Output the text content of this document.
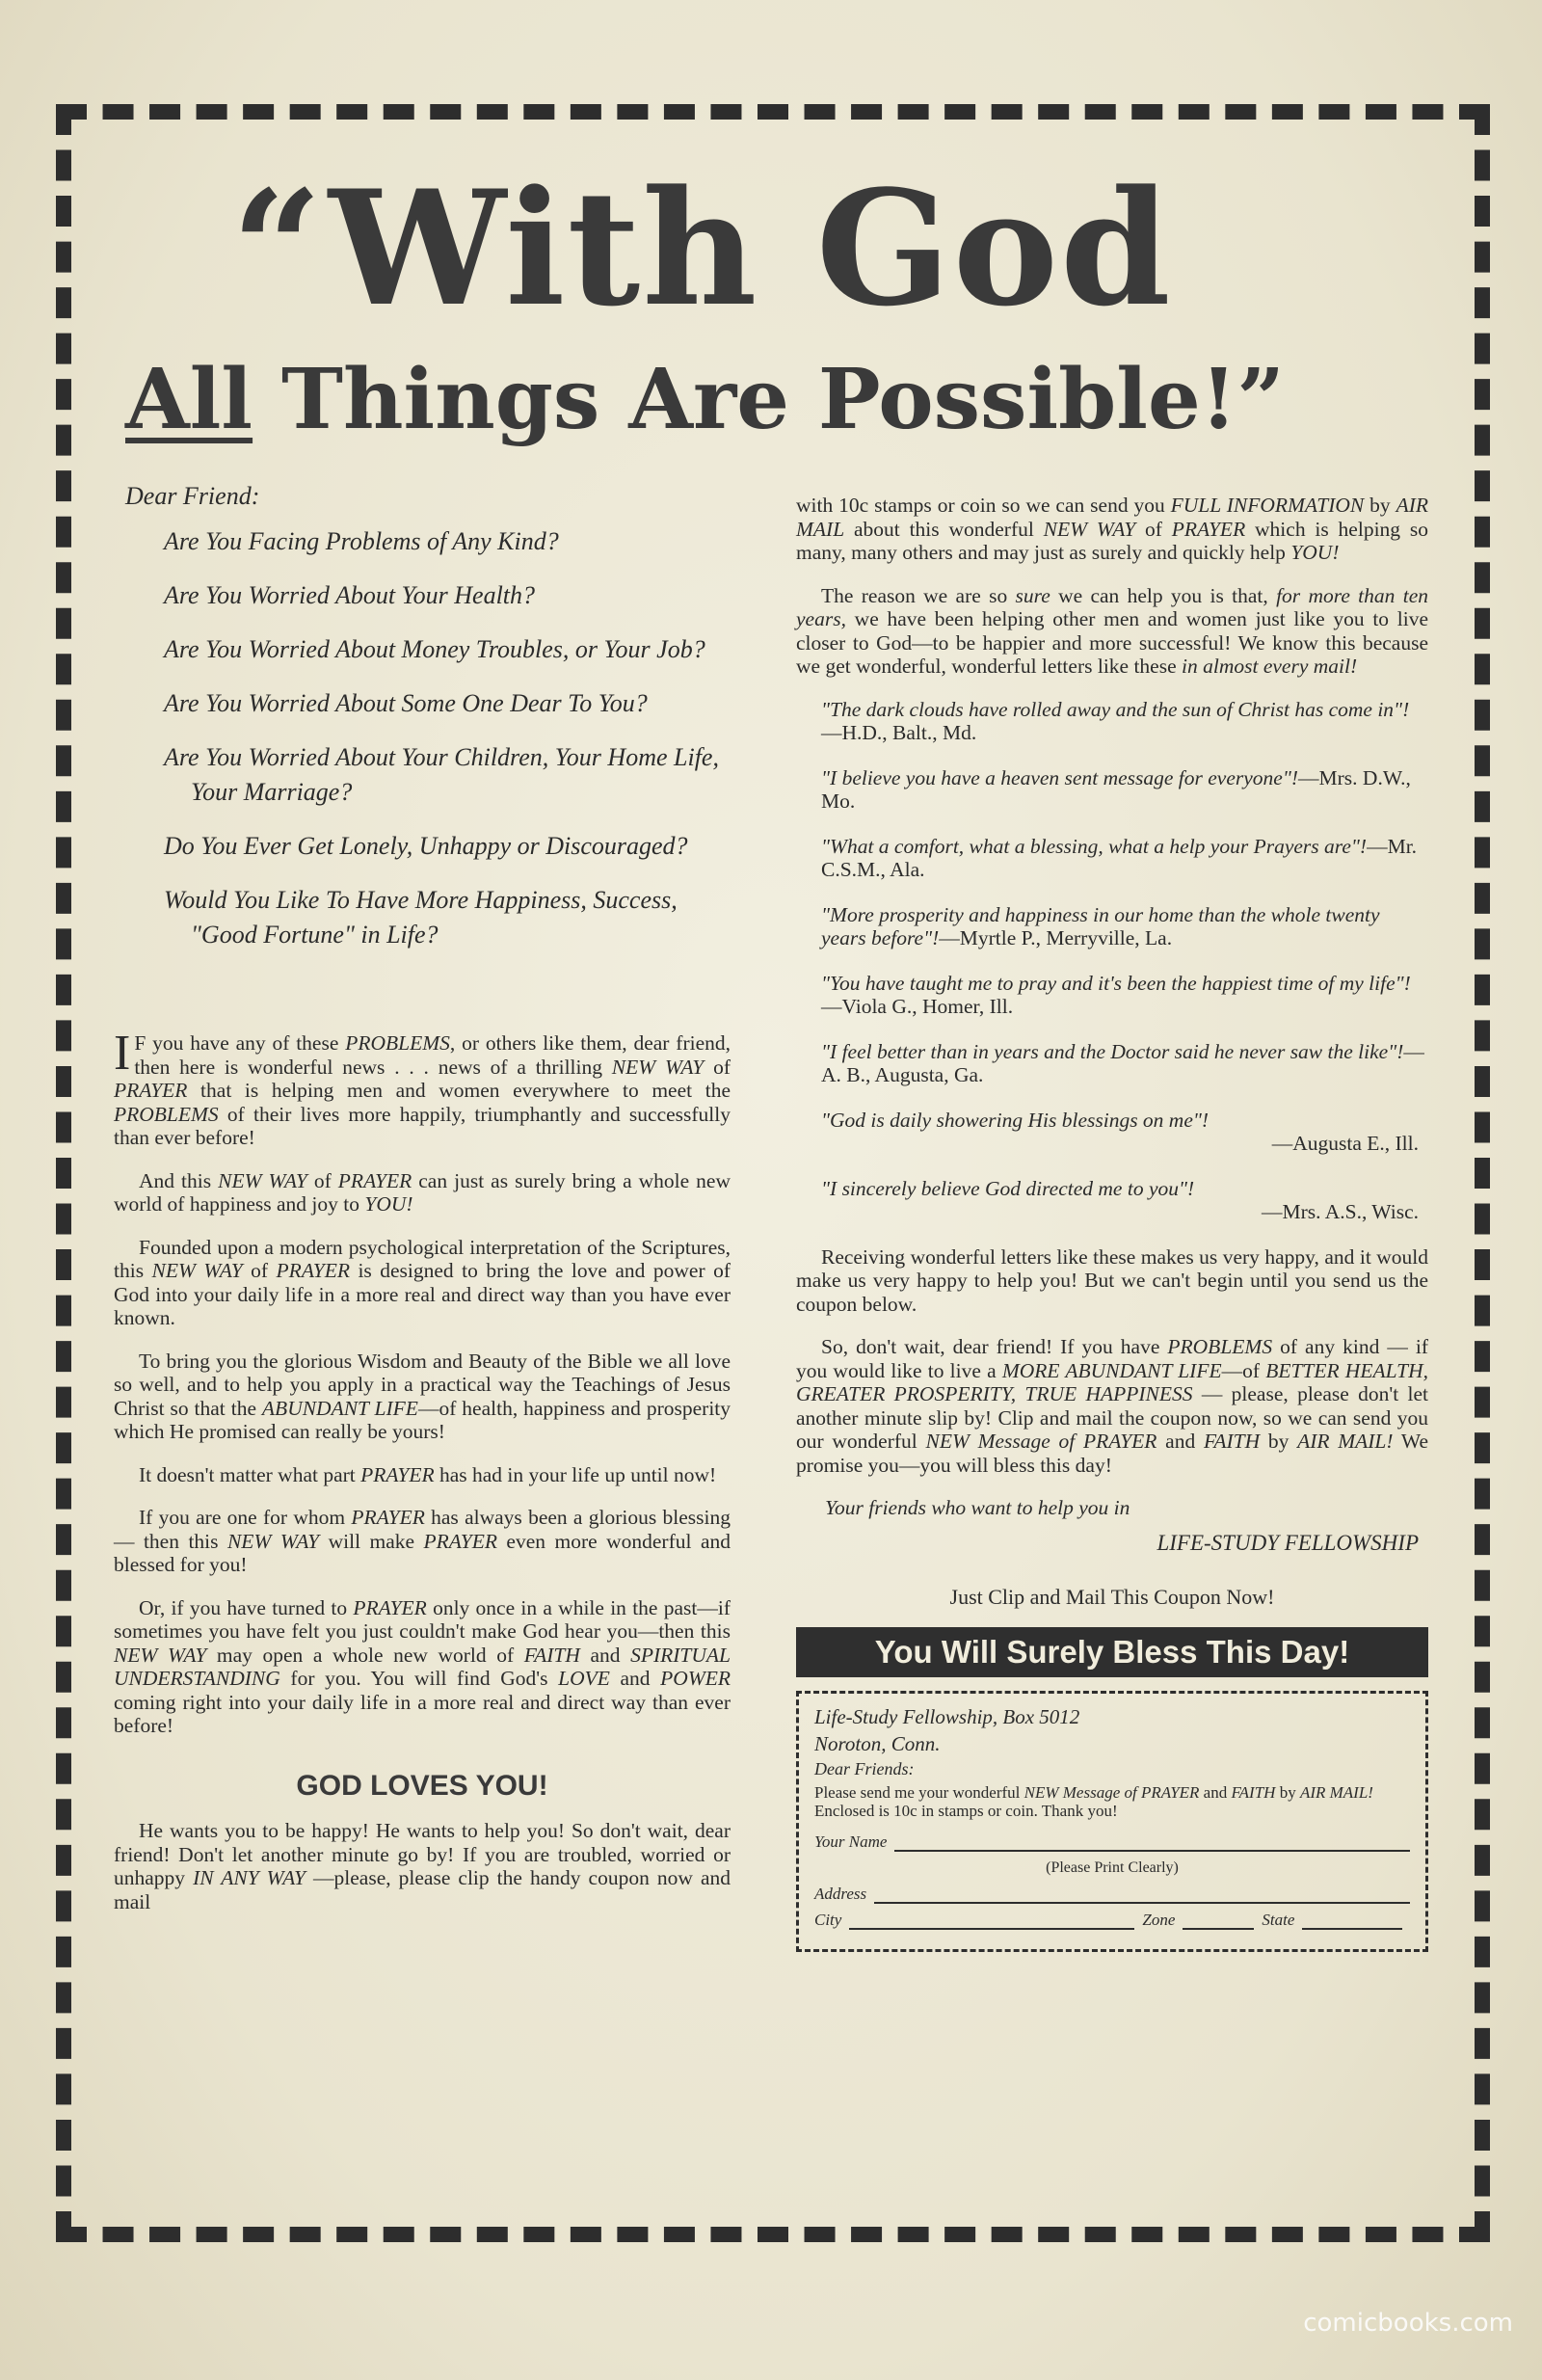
“With God
All Things Are Possible!”
Dear Friend:
Are You Facing Problems of Any Kind?
Are You Worried About Your Health?
Are You Worried About Money Troubles, or Your Job?
Are You Worried About Some One Dear To You?
Are You Worried About Your Children, Your Home Life, Your Marriage?
Do You Ever Get Lonely, Unhappy or Discouraged?
Would You Like To Have More Happiness, Success, "Good Fortune" in Life?

I F you have any of these PROBLEMS, or others like them, dear friend, then here is wonderful news . . . news of a thrilling NEW WAY of PRAYER that is helping men and women everywhere to meet the PROBLEMS of their lives more happily, triumphantly and successfully than ever before!

And this NEW WAY of PRAYER can just as surely bring a whole new world of happiness and joy to YOU!

Founded upon a modern psychological interpretation of the Scriptures, this NEW WAY of PRAYER is designed to bring the love and power of God into your daily life in a more real and direct way than you have ever known.

To bring you the glorious Wisdom and Beauty of the Bible we all love so well, and to help you apply in a practical way the Teachings of Jesus Christ so that the ABUNDANT LIFE—of health, happiness and prosperity which He promised can really be yours!

It doesn't matter what part PRAYER has had in your life up until now!

If you are one for whom PRAYER has always been a glorious blessing — then this NEW WAY will make PRAYER even more wonderful and blessed for you!

Or, if you have turned to PRAYER only once in a while in the past—if sometimes you have felt you just couldn't make God hear you—then this NEW WAY may open a whole new world of FAITH and SPIRITUAL UNDERSTANDING for you. You will find God's LOVE and POWER coming right into your daily life in a more real and direct way than ever before!

GOD LOVES YOU!

He wants you to be happy! He wants to help you! So don't wait, dear friend! Don't let another minute go by! If you are troubled, worried or unhappy IN ANY WAY —please, please clip the handy coupon now and mail

with 10c stamps or coin so we can send you FULL INFORMATION by AIR MAIL about this wonderful NEW WAY of PRAYER which is helping so many, many others and may just as surely and quickly help YOU!

The reason we are so sure we can help you is that, for more than ten years, we have been helping other men and women just like you to live closer to God—to be happier and more successful! We know this because we get wonderful, wonderful letters like these in almost every mail!

"The dark clouds have rolled away and the sun of Christ has come in"!—H.D., Balt., Md.
"I believe you have a heaven sent message for everyone"!—Mrs. D.W., Mo.
"What a comfort, what a blessing, what a help your Prayers are"!—Mr. C.S.M., Ala.
"More prosperity and happiness in our home than the whole twenty years before"!—Myrtle P., Merryville, La.
"You have taught me to pray and it's been the happiest time of my life"!—Viola G., Homer, Ill.
"I feel better than in years and the Doctor said he never saw the like"!—A. B., Augusta, Ga.
"God is daily showering His blessings on me"!
—Augusta E., Ill.
"I sincerely believe God directed me to you"!
—Mrs. A.S., Wisc.

Receiving wonderful letters like these makes us very happy, and it would make us very happy to help you! But we can't begin until you send us the coupon below.

So, don't wait, dear friend! If you have PROBLEMS of any kind — if you would like to live a MORE ABUNDANT LIFE—of BETTER HEALTH, GREATER PROSPERITY, TRUE HAPPINESS — please, please don't let another minute slip by! Clip and mail the coupon now, so we can send you our wonderful NEW Message of PRAYER and FAITH by AIR MAIL! We promise you—you will bless this day!

Your friends who want to help you in
LIFE-STUDY FELLOWSHIP
Just Clip and Mail This Coupon Now!
You Will Surely Bless This Day!
Life-Study Fellowship, Box 5012
Noroton, Conn.
Dear Friends:
Please send me your wonderful NEW Message of PRAYER and FAITH by AIR MAIL! Enclosed is 10c in stamps or coin. Thank you!
Your Name
(Please Print Clearly)
Address
City	Zone	State
comicbooks.com
